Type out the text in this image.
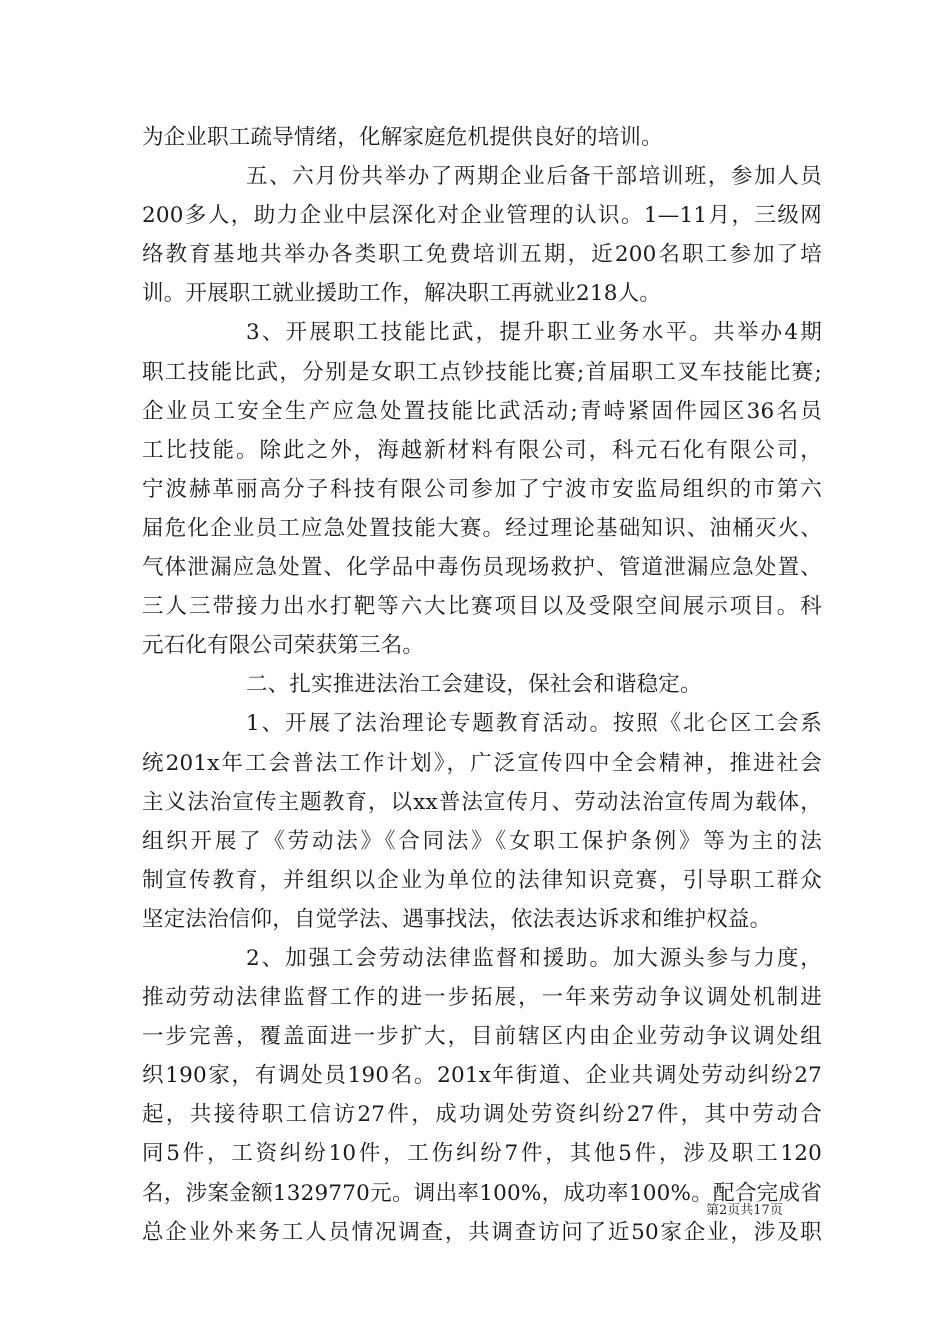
为企业职工疏导情绪，化解家庭危机提供良好的培训。
五、六月份共举办了两期企业后备干部培训班，参加人员
200多人，助力企业中层深化对企业管理的认识。1—11月，三级网
络教育基地共举办各类职工免费培训五期，近200名职工参加了培
训。开展职工就业援助工作，解决职工再就业218人。
3、开展职工技能比武，提升职工业务水平。共举办4期
职工技能比武，分别是女职工点钞技能比赛;首届职工叉车技能比赛;
企业员工安全生产应急处置技能比武活动;青峙紧固件园区36名员
工比技能。除此之外，海越新材料有限公司，科元石化有限公司，
宁波赫革丽高分子科技有限公司参加了宁波市安监局组织的市第六
届危化企业员工应急处置技能大赛。经过理论基础知识、油桶灭火、
气体泄漏应急处置、化学品中毒伤员现场救护、管道泄漏应急处置、
三人三带接力出水打靶等六大比赛项目以及受限空间展示项目。科
元石化有限公司荣获第三名。
二、扎实推进法治工会建设，保社会和谐稳定。
1、开展了法治理论专题教育活动。按照《北仑区工会系
统201x年工会普法工作计划》，广泛宣传四中全会精神，推进社会
主义法治宣传主题教育，以xx普法宣传月、劳动法治宣传周为载体，
组织开展了《劳动法》《合同法》《女职工保护条例》等为主的法
制宣传教育，并组织以企业为单位的法律知识竞赛，引导职工群众
坚定法治信仰，自觉学法、遇事找法，依法表达诉求和维护权益。
2、加强工会劳动法律监督和援助。加大源头参与力度，
推动劳动法律监督工作的进一步拓展，一年来劳动争议调处机制进
一步完善，覆盖面进一步扩大，目前辖区内由企业劳动争议调处组
织190家，有调处员190名。201x年街道、企业共调处劳动纠纷27
起，共接待职工信访27件，成功调处劳资纠纷27件，其中劳动合
同5件，工资纠纷10件，工伤纠纷7件，其他5件，涉及职工120
名，涉案金额1329770元。调出率100%，成功率100%。配合完成省
总企业外来务工人员情况调查，共调查访问了近50家企业，涉及职
第2页共17页
